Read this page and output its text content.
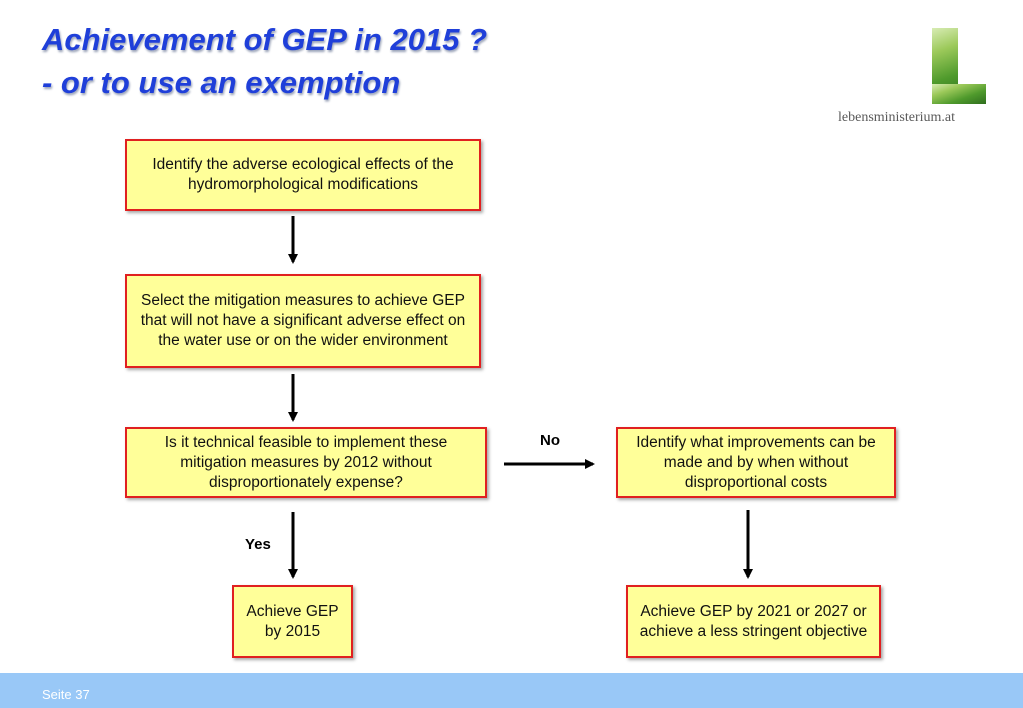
Achievement of GEP in 2015 ?
- or to use an exemption
lebensministerium.at
Identify the adverse ecological effects of the hydromorphological modifications
Select the mitigation measures to achieve GEP that will not have a significant adverse effect on the water use or on the wider environment
Is it technical feasible to implement these mitigation measures by 2012 without disproportionately expense?
Identify what improvements can be made and by when without disproportional costs
Achieve GEP by 2015
Achieve GEP by 2021 or 2027 or achieve a less stringent objective
No
Yes
Seite 37
